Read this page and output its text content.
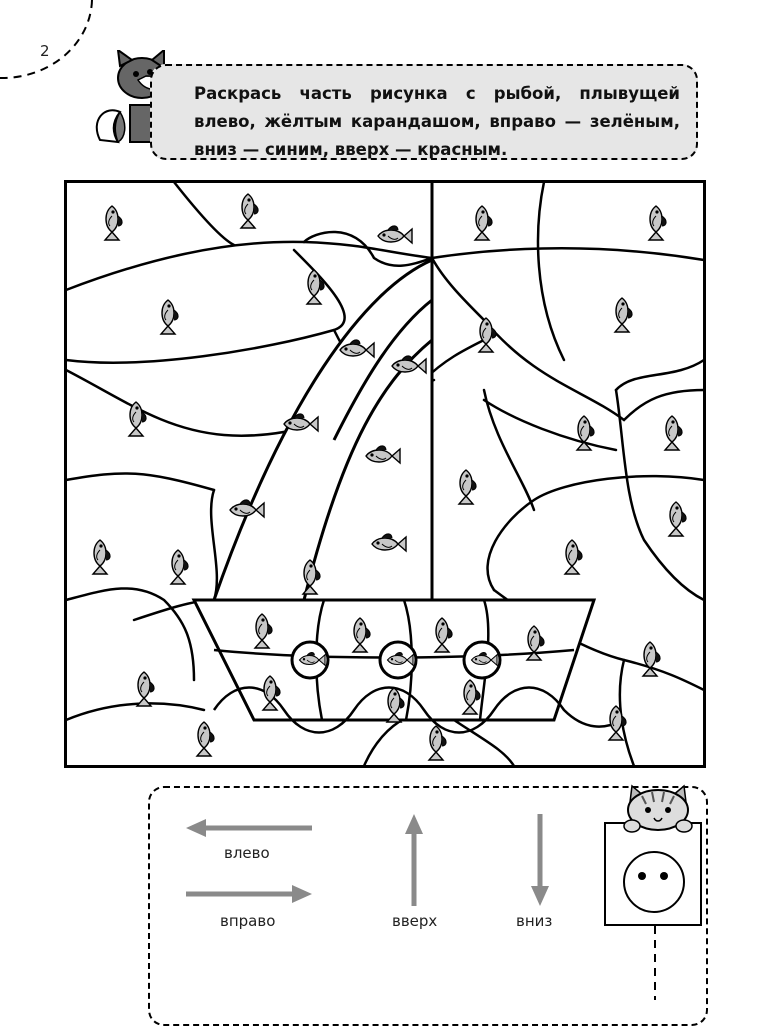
2
Раскрась часть рисунка с рыбой, плывущей влево, жёлтым карандашом, вправо — зелёным, вниз — синим, вверх — красным.
влево
вправо	вверх	вниз
